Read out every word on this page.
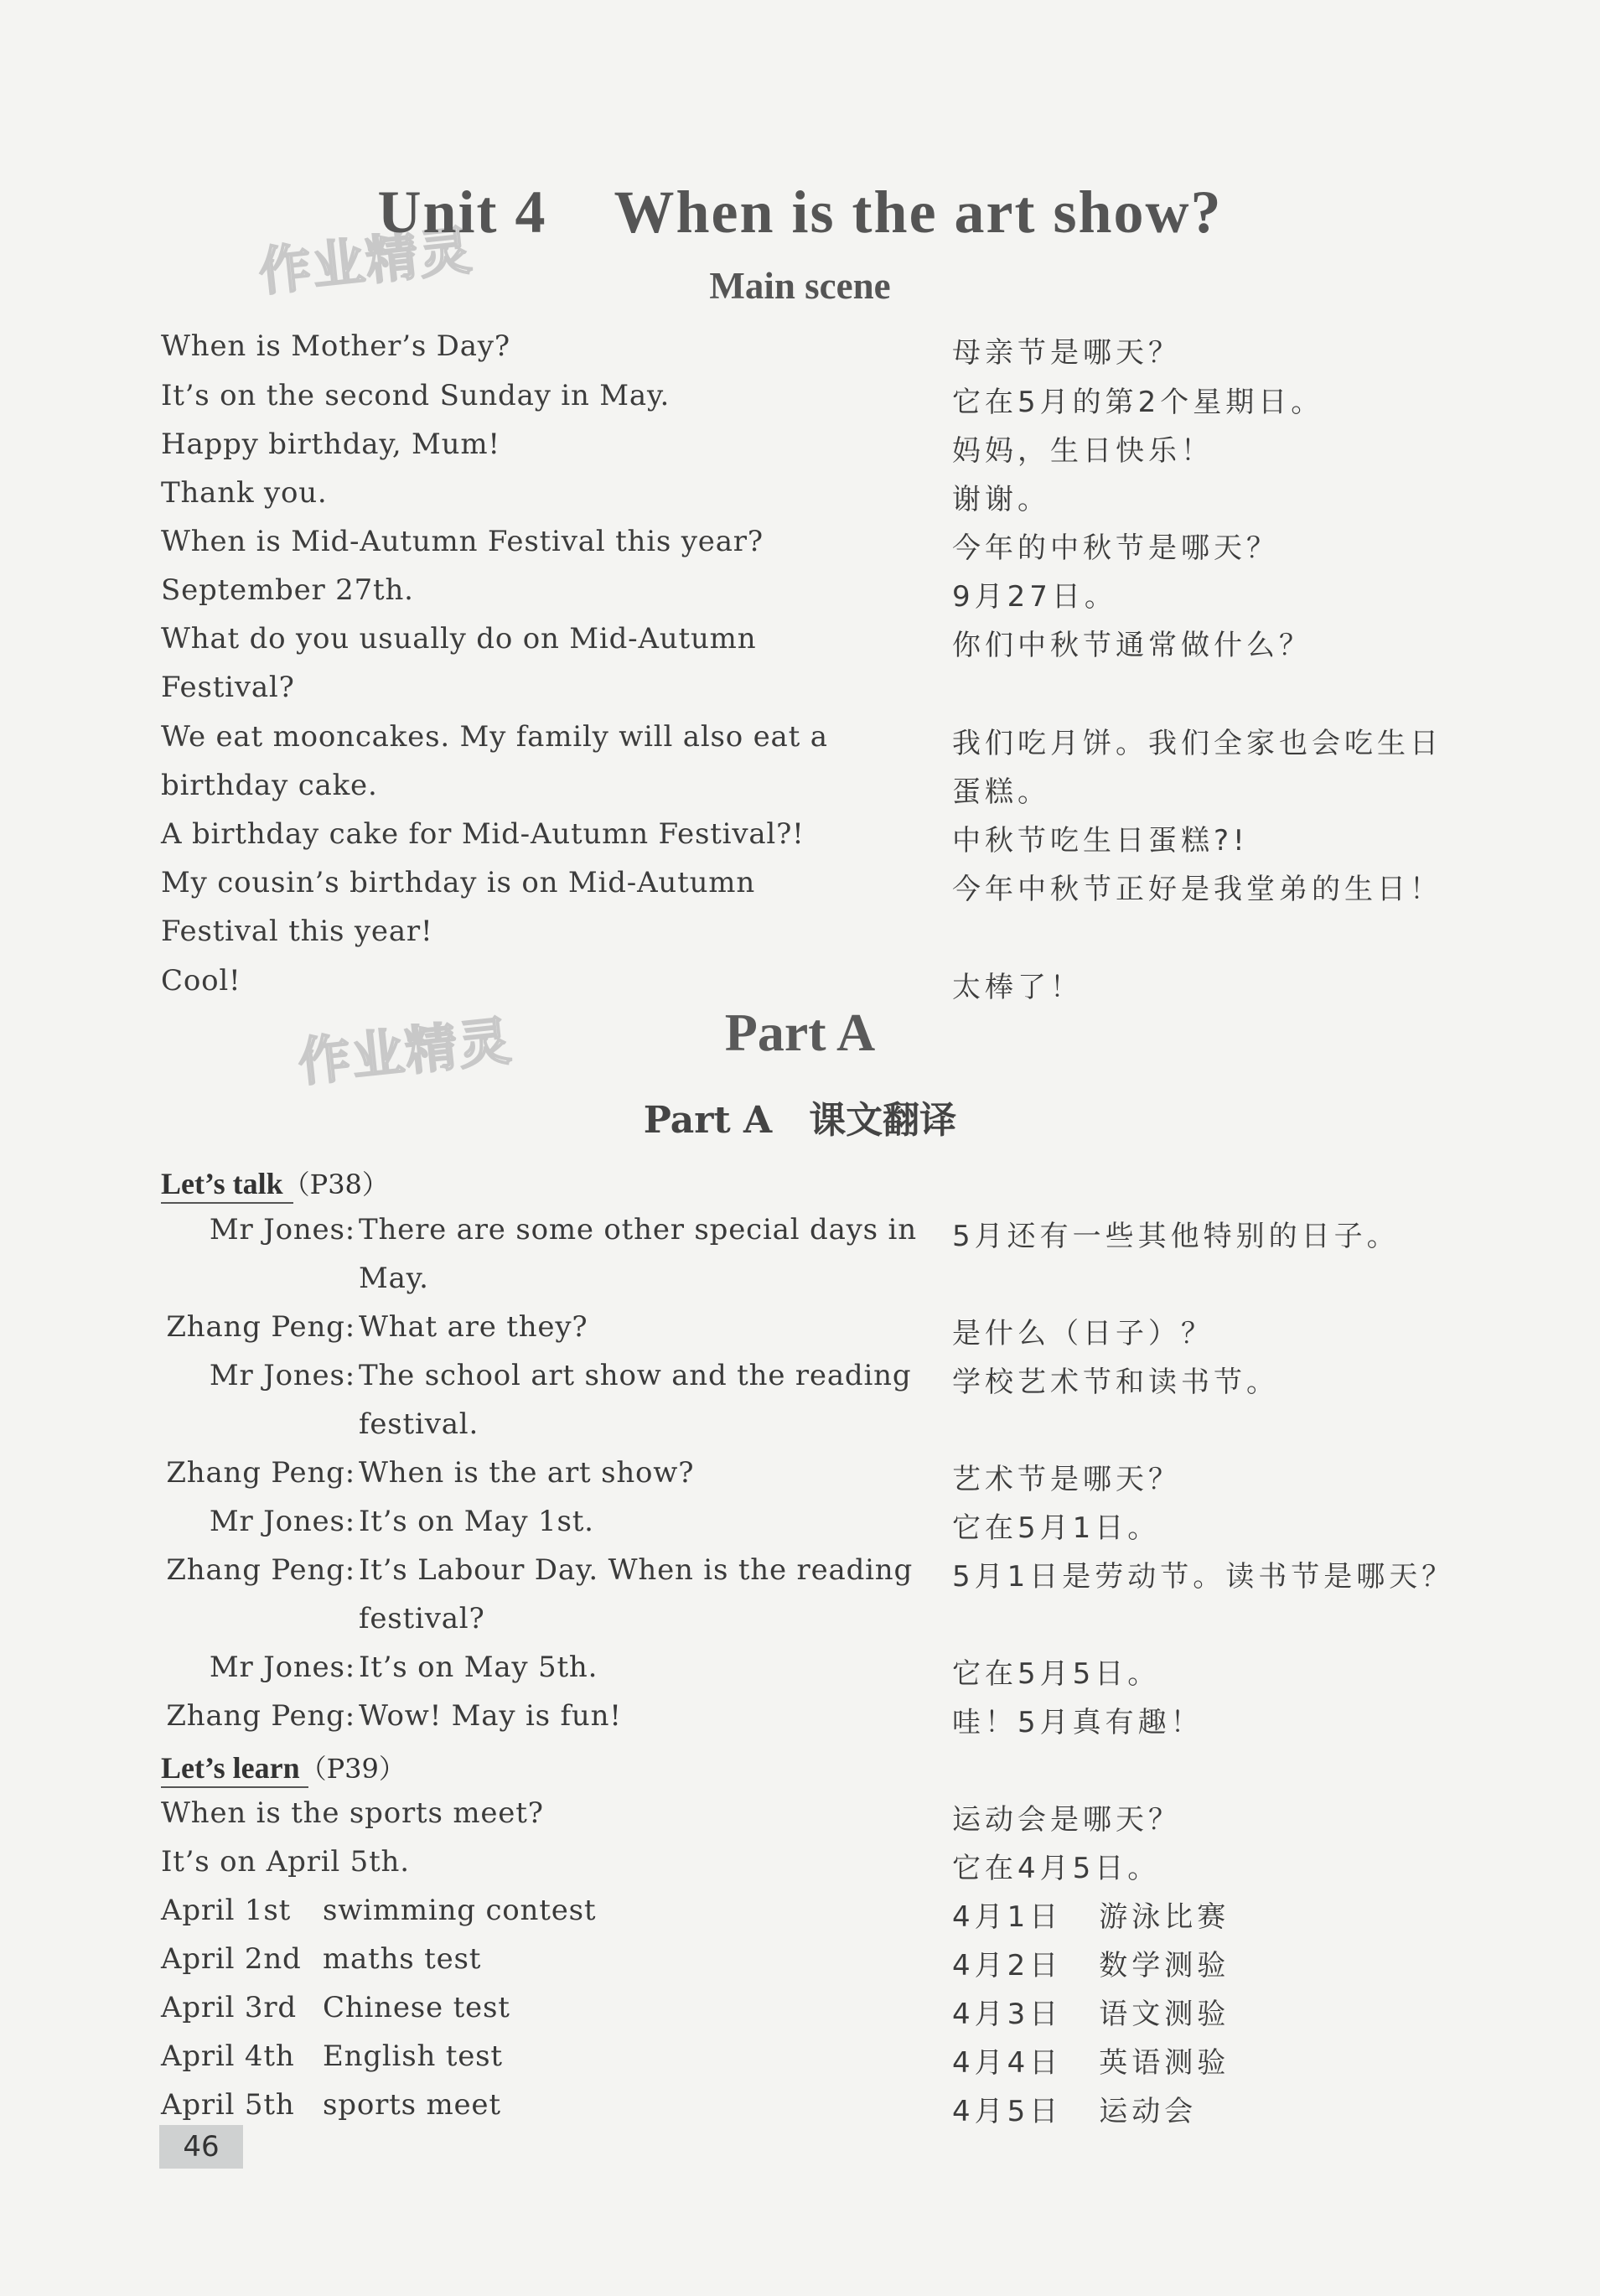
作业精灵
作业精灵
Unit 4 When is the art show?
Main scene
Part A
Part A 课文翻译
When is Mother’s Day?	母亲节是哪天？
It’s on the second Sunday in May.	它在5月的第2个星期日。
Happy birthday, Mum!	妈妈，生日快乐！
Thank you.	谢谢。
When is Mid-Autumn Festival this year?	今年的中秋节是哪天？
September 27th.	9月27日。
What do you usually do on Mid-Autumn	你们中秋节通常做什么？
Festival?
We eat mooncakes. My family will also eat a	我们吃月饼。我们全家也会吃生日
birthday cake.	蛋糕。
A birthday cake for Mid-Autumn Festival?!	中秋节吃生日蛋糕?!
My cousin’s birthday is on Mid-Autumn	今年中秋节正好是我堂弟的生日！
Festival this year!
Cool!	太棒了！
Let’s talk（P38）
Mr Jones: There are some other special days in 5月还有一些其他特别的日子。
May.
Zhang Peng: What are they?	是什么（日子）？
Mr Jones: The school art show and the reading 学校艺术节和读书节。
festival.
Zhang Peng: When is the art show?	艺术节是哪天？
Mr Jones: It’s on May 1st.	它在5月1日。
Zhang Peng: It’s Labour Day. When is the reading 5月1日是劳动节。读书节是哪天？
festival?
Mr Jones: It’s on May 5th.	它在5月5日。
Zhang Peng: Wow! May is fun!	哇！5月真有趣！
Let’s learn（P39）
When is the sports meet?	运动会是哪天？
It’s on April 5th.	它在4月5日。
April 1st swimming contest	4月1日 游泳比赛
April 2nd maths test	4月2日 数学测验
April 3rd Chinese test	4月3日 语文测验
April 4th English test	4月4日 英语测验
April 5th sports meet	4月5日 运动会
46
